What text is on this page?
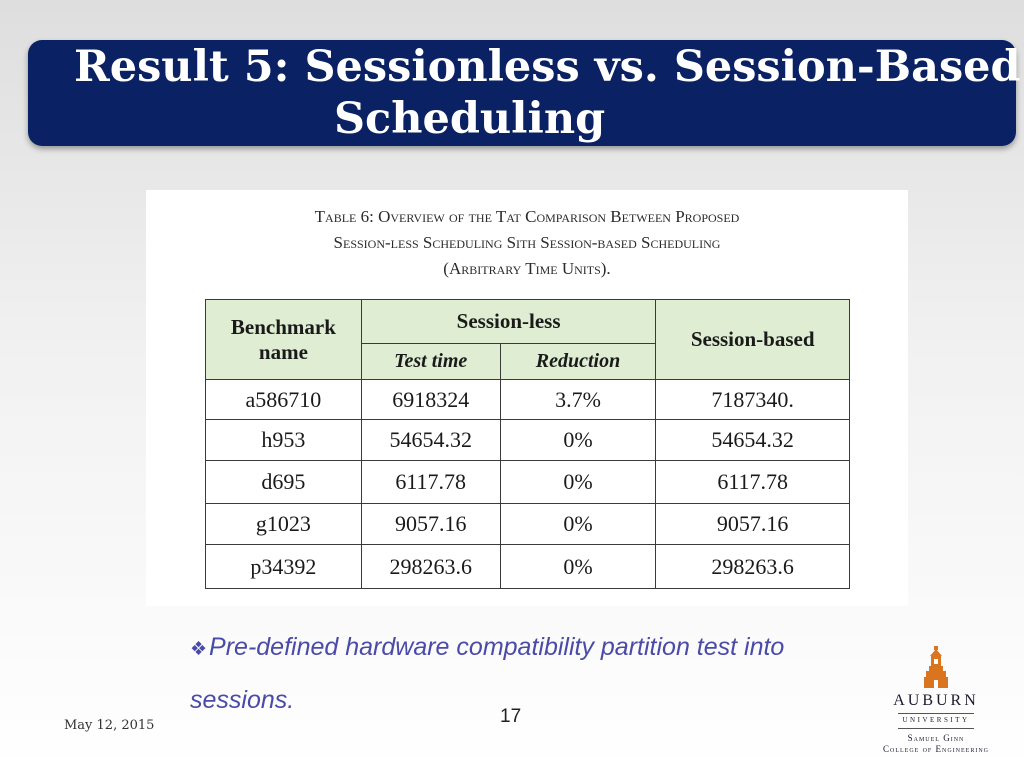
Result 5: Sessionless vs. Session-Based
Scheduling
Table 6: Overview of the Tat Comparison Between Proposed
Session-less Scheduling Sith Session-based Scheduling
(Arbitrary Time Units).
Benchmark name	Session-less		Session-based
	Test time	Reduction	
a586710	6918324	3.7%	7187340.
h953	54654.32	0%	54654.32
d695	6117.78	0%	6117.78
g1023	9057.16	0%	9057.16
p34392	298263.6	0%	298263.6
❖Pre-defined hardware compatibility partition test into sessions.
May 12, 2015	17
AUBURN
UNIVERSITY
Samuel Ginn
College of Engineering
